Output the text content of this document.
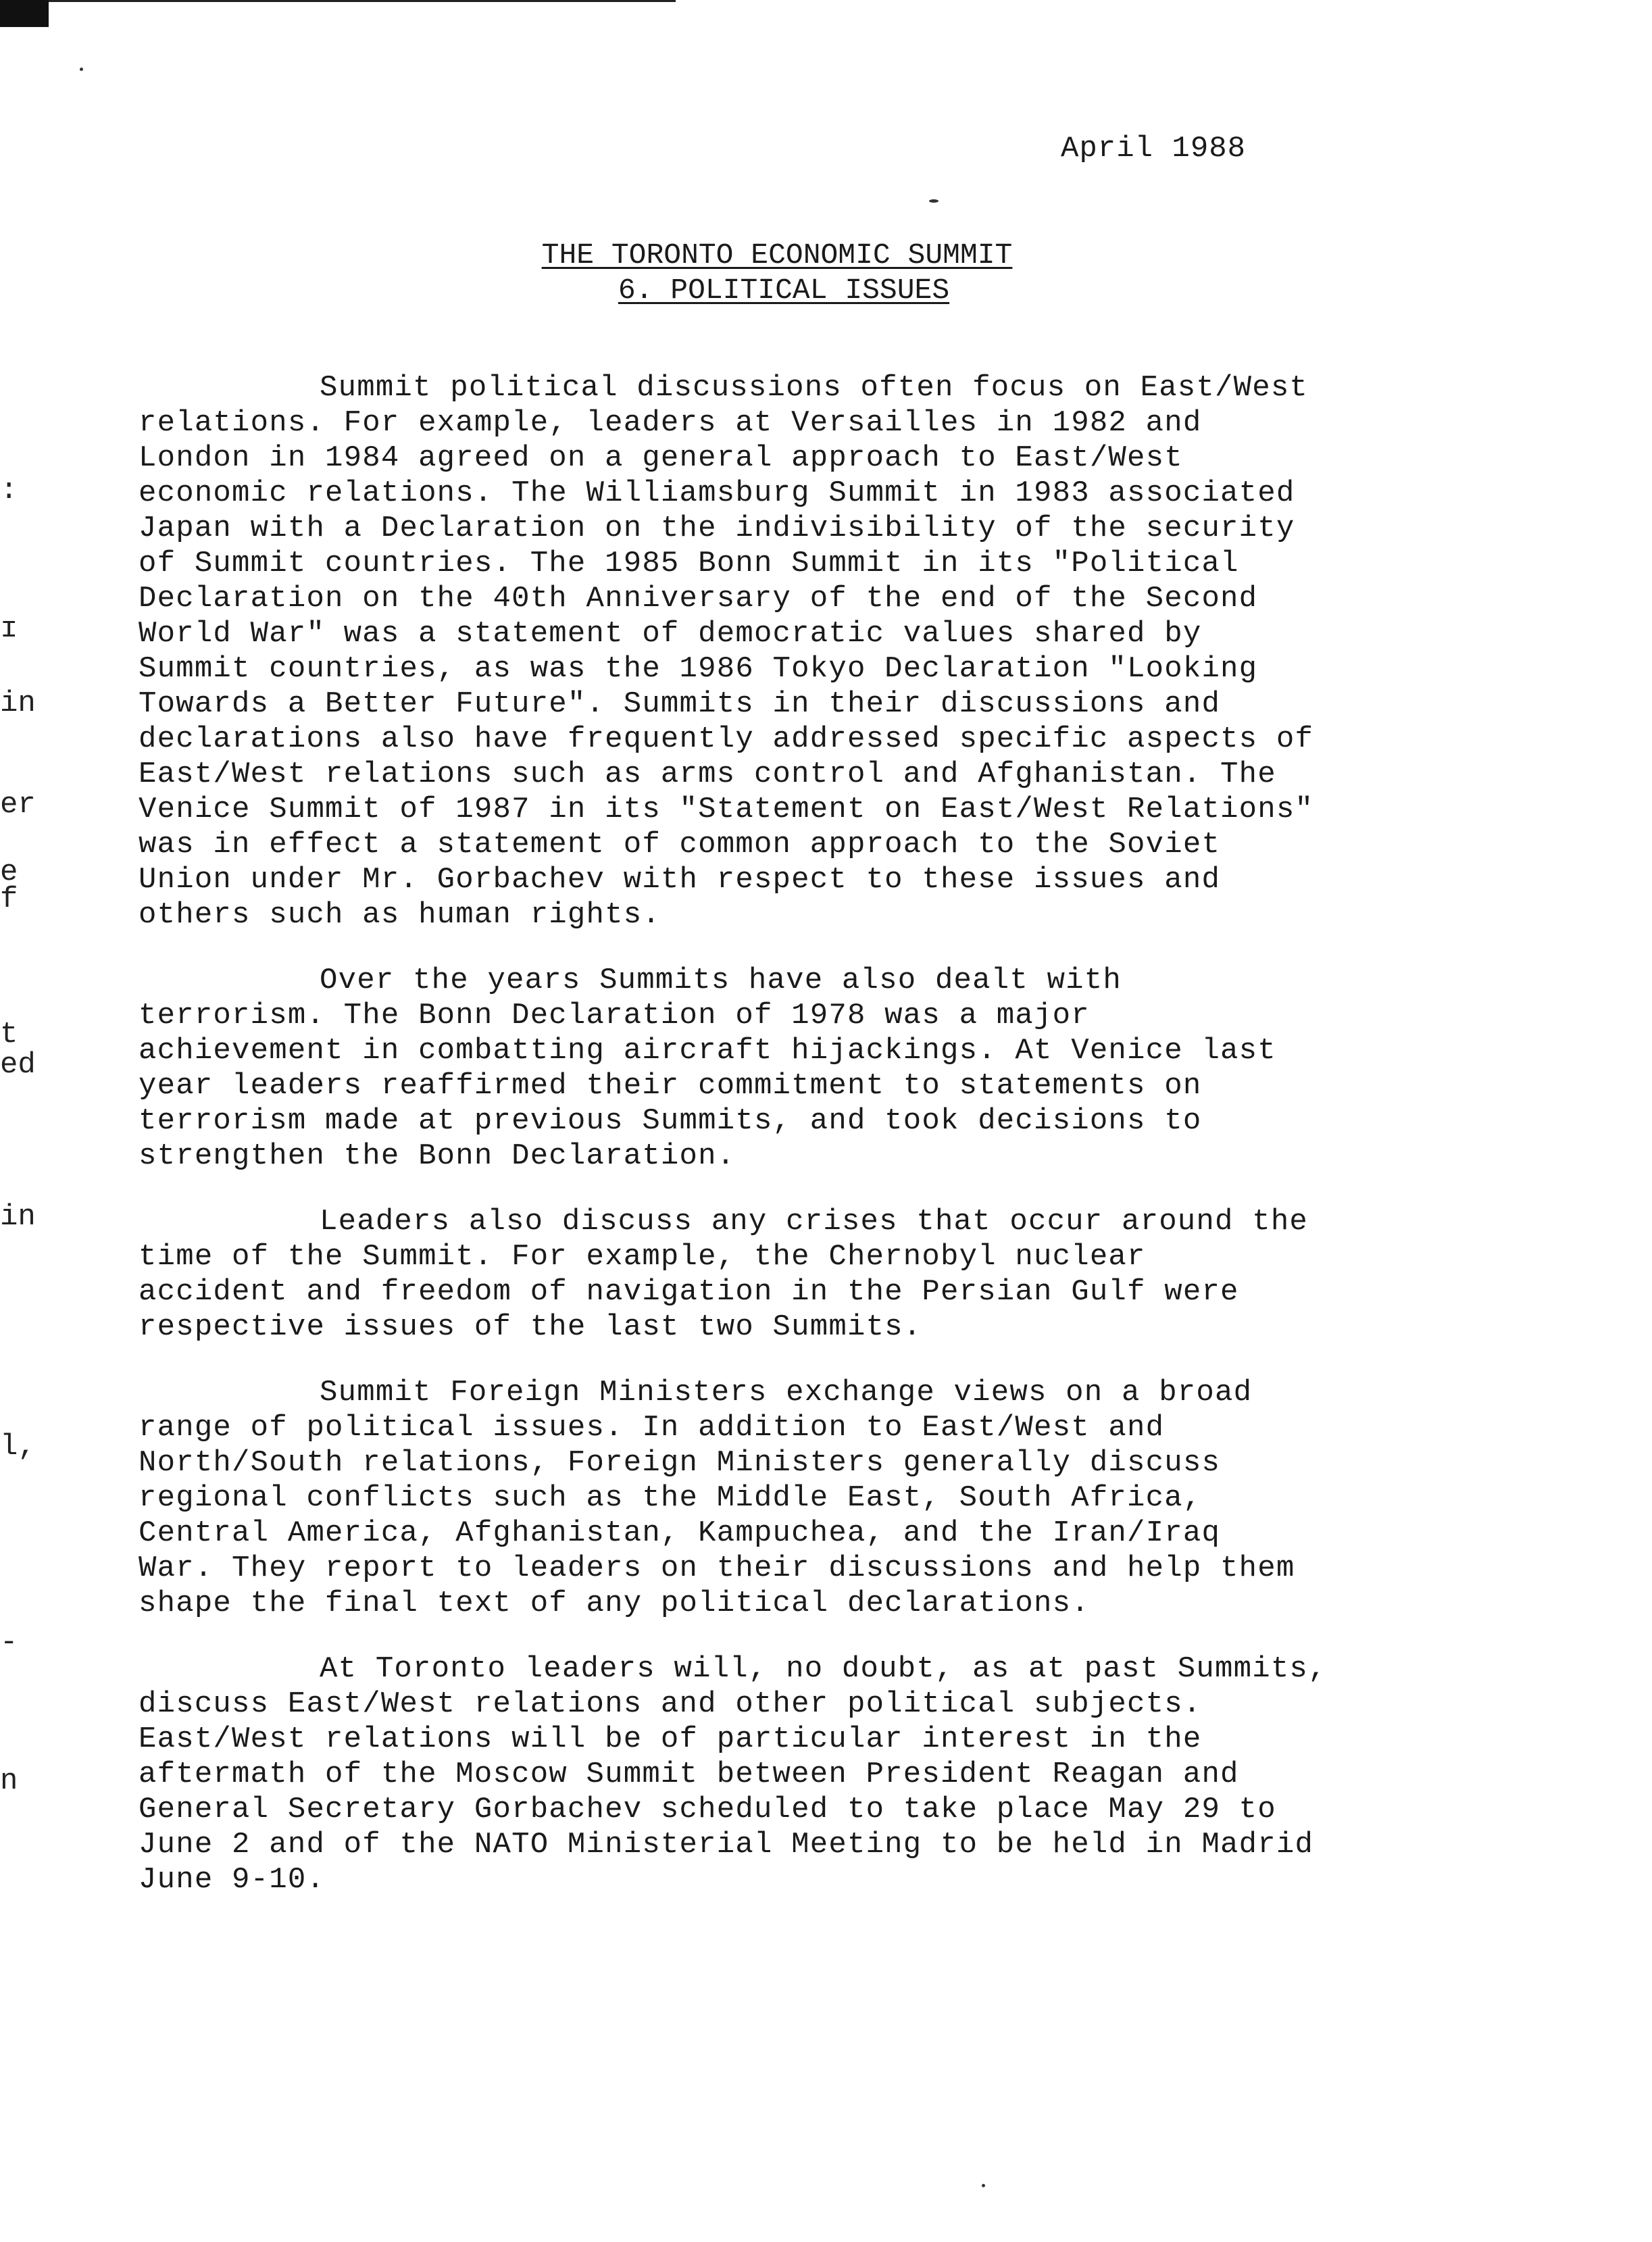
April 1988
THE TORONTO ECONOMIC SUMMIT
6. POLITICAL ISSUES
:
ɪ
in
er
e
f
t
ed
in
l,
-
n
Summit political discussions often focus on East/West
relations. For example, leaders at Versailles in 1982 and
London in 1984 agreed on a general approach to East/West
economic relations. The Williamsburg Summit in 1983 associated
Japan with a Declaration on the indivisibility of the security
of Summit countries. The 1985 Bonn Summit in its "Political
Declaration on the 40th Anniversary of the end of the Second
World War" was a statement of democratic values shared by
Summit countries, as was the 1986 Tokyo Declaration "Looking
Towards a Better Future". Summits in their discussions and
declarations also have frequently addressed specific aspects of
East/West relations such as arms control and Afghanistan. The
Venice Summit of 1987 in its "Statement on East/West Relations"
was in effect a statement of common approach to the Soviet
Union under Mr. Gorbachev with respect to these issues and
others such as human rights.
Over the years Summits have also dealt with
terrorism. The Bonn Declaration of 1978 was a major
achievement in combatting aircraft hijackings. At Venice last
year leaders reaffirmed their commitment to statements on
terrorism made at previous Summits, and took decisions to
strengthen the Bonn Declaration.
Leaders also discuss any crises that occur around the
time of the Summit. For example, the Chernobyl nuclear
accident and freedom of navigation in the Persian Gulf were
respective issues of the last two Summits.
Summit Foreign Ministers exchange views on a broad
range of political issues. In addition to East/West and
North/South relations, Foreign Ministers generally discuss
regional conflicts such as the Middle East, South Africa,
Central America, Afghanistan, Kampuchea, and the Iran/Iraq
War. They report to leaders on their discussions and help them
shape the final text of any political declarations.
At Toronto leaders will, no doubt, as at past Summits,
discuss East/West relations and other political subjects.
East/West relations will be of particular interest in the
aftermath of the Moscow Summit between President Reagan and
General Secretary Gorbachev scheduled to take place May 29 to
June 2 and of the NATO Ministerial Meeting to be held in Madrid
June 9-10.
